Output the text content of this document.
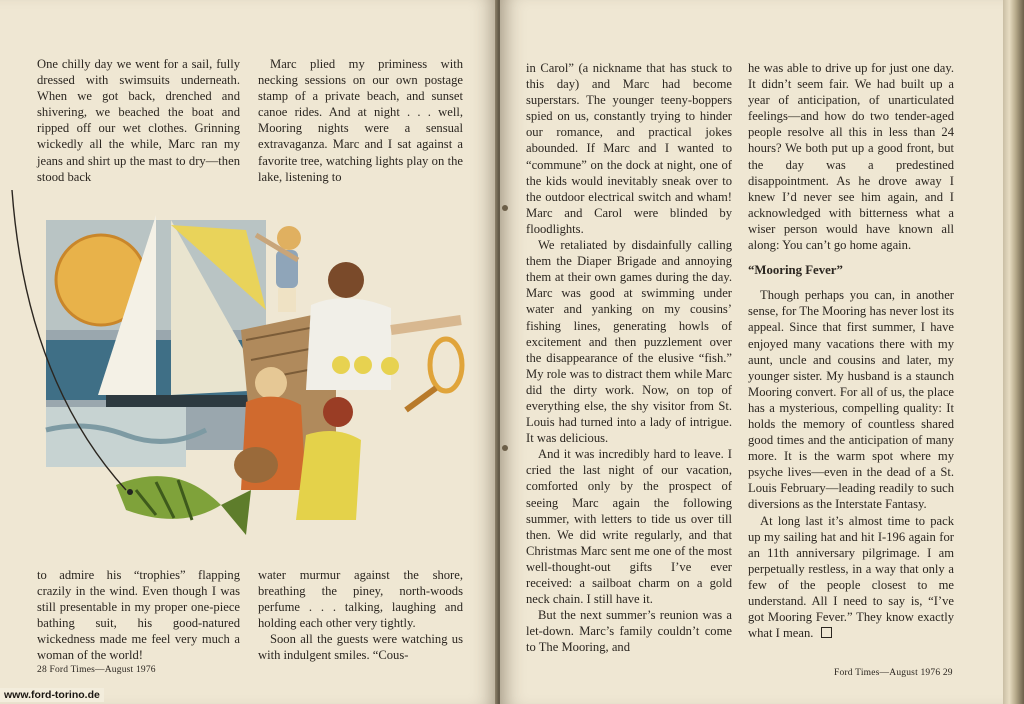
One chilly day we went for a sail, fully dressed with swimsuits underneath. When we got back, drenched and shivering, we beached the boat and ripped off our wet clothes. Grinning wickedly all the while, Marc ran my jeans and shirt up the mast to dry—then stood back

Marc plied my priminess with necking sessions on our own postage stamp of a private beach, and sunset canoe rides. And at night . . . well, Mooring nights were a sensual extravaganza. Marc and I sat against a favorite tree, watching lights play on the lake, listening to

to admire his “trophies” flapping crazily in the wind. Even though I was still presentable in my proper one-piece bathing suit, his good-natured wickedness made me feel very much a woman of the world!

water murmur against the shore, breathing the piney, north-woods perfume . . . talking, laughing and holding each other very tightly.

Soon all the guests were watching us with indulgent smiles. “Cous-

28 Ford Times—August 1976

in Carol” (a nickname that has stuck to this day) and Marc had become superstars. The younger teeny-boppers spied on us, constantly trying to hinder our romance, and practical jokes abounded. If Marc and I wanted to “commune” on the dock at night, one of the kids would inevitably sneak over to the outdoor electrical switch and wham! Marc and Carol were blinded by floodlights.

We retaliated by disdainfully calling them the Diaper Brigade and annoying them at their own games during the day. Marc was good at swimming under water and yanking on my cousins’ fishing lines, generating howls of excitement and then puzzlement over the disappearance of the elusive “fish.” My role was to distract them while Marc did the dirty work. Now, on top of everything else, the shy visitor from St. Louis had turned into a lady of intrigue. It was delicious.

And it was incredibly hard to leave. I cried the last night of our vacation, comforted only by the prospect of seeing Marc again the following summer, with letters to tide us over till then. We did write regularly, and that Christmas Marc sent me one of the most well-thought-out gifts I’ve ever received: a sailboat charm on a gold neck chain. I still have it.

But the next summer’s reunion was a let-down. Marc’s family couldn’t come to The Mooring, and

he was able to drive up for just one day. It didn’t seem fair. We had built up a year of anticipation, of unarticulated feelings—and how do two tender-aged people resolve all this in less than 24 hours? We both put up a good front, but the day was a predestined disappointment. As he drove away I knew I’d never see him again, and I acknowledged with bitterness what a wiser person would have known all along: You can’t go home again.

“Mooring Fever”

Though perhaps you can, in another sense, for The Mooring has never lost its appeal. Since that first summer, I have enjoyed many vacations there with my aunt, uncle and cousins and later, my younger sister. My husband is a staunch Mooring convert. For all of us, the place has a mysterious, compelling quality: It holds the memory of countless shared good times and the anticipation of many more. It is the warm spot where my psyche lives—even in the dead of a St. Louis February—leading readily to such diversions as the Interstate Fantasy.

At long last it’s almost time to pack up my sailing hat and hit I-196 again for an 11th anniversary pilgrimage. I am perpetually restless, in a way that only a few of the people closest to me understand. All I need to say is, “I’ve got Mooring Fever.” They know exactly what I mean.

Ford Times—August 1976 29
www.ford-torino.de
